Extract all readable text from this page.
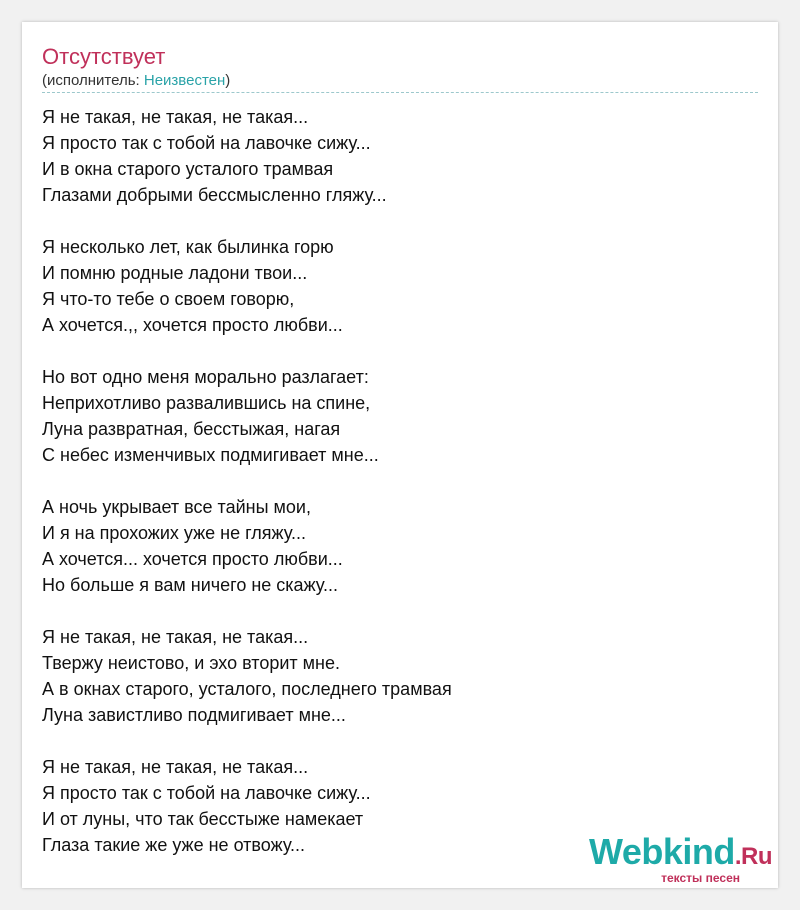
Отсутствует
(исполнитель: Неизвестен)
Я не такая, не такая, не такая...
Я просто так с тобой на лавочке сижу...
И в окна старого усталого трамвая
Глазами добрыми бессмысленно гляжу...
Я несколько лет, как былинка горю
И помню родные ладони твои...
Я что-то тебе о своем говорю,
А хочется.,, хочется просто любви...
Но вот одно меня морально разлагает:
Неприхотливо развалившись на спине,
Луна развратная, бесстыжая, нагая
С небес изменчивых подмигивает мне...
А ночь укрывает все тайны мои,
И я на прохожих уже не гляжу...
А хочется... хочется просто любви...
Но больше я вам ничего не скажу...
Я не такая, не такая, не такая...
Твержу неистово, и эхо вторит мне.
А в окнах старого, усталого, последнего трамвая
Луна завистливо подмигивает мне...
Я не такая, не такая, не такая...
Я просто так с тобой на лавочке сижу...
И от луны, что так бесстыже намекает
Глаза такие же уже не отвожу...	Webkind.Ru
тексты песен
